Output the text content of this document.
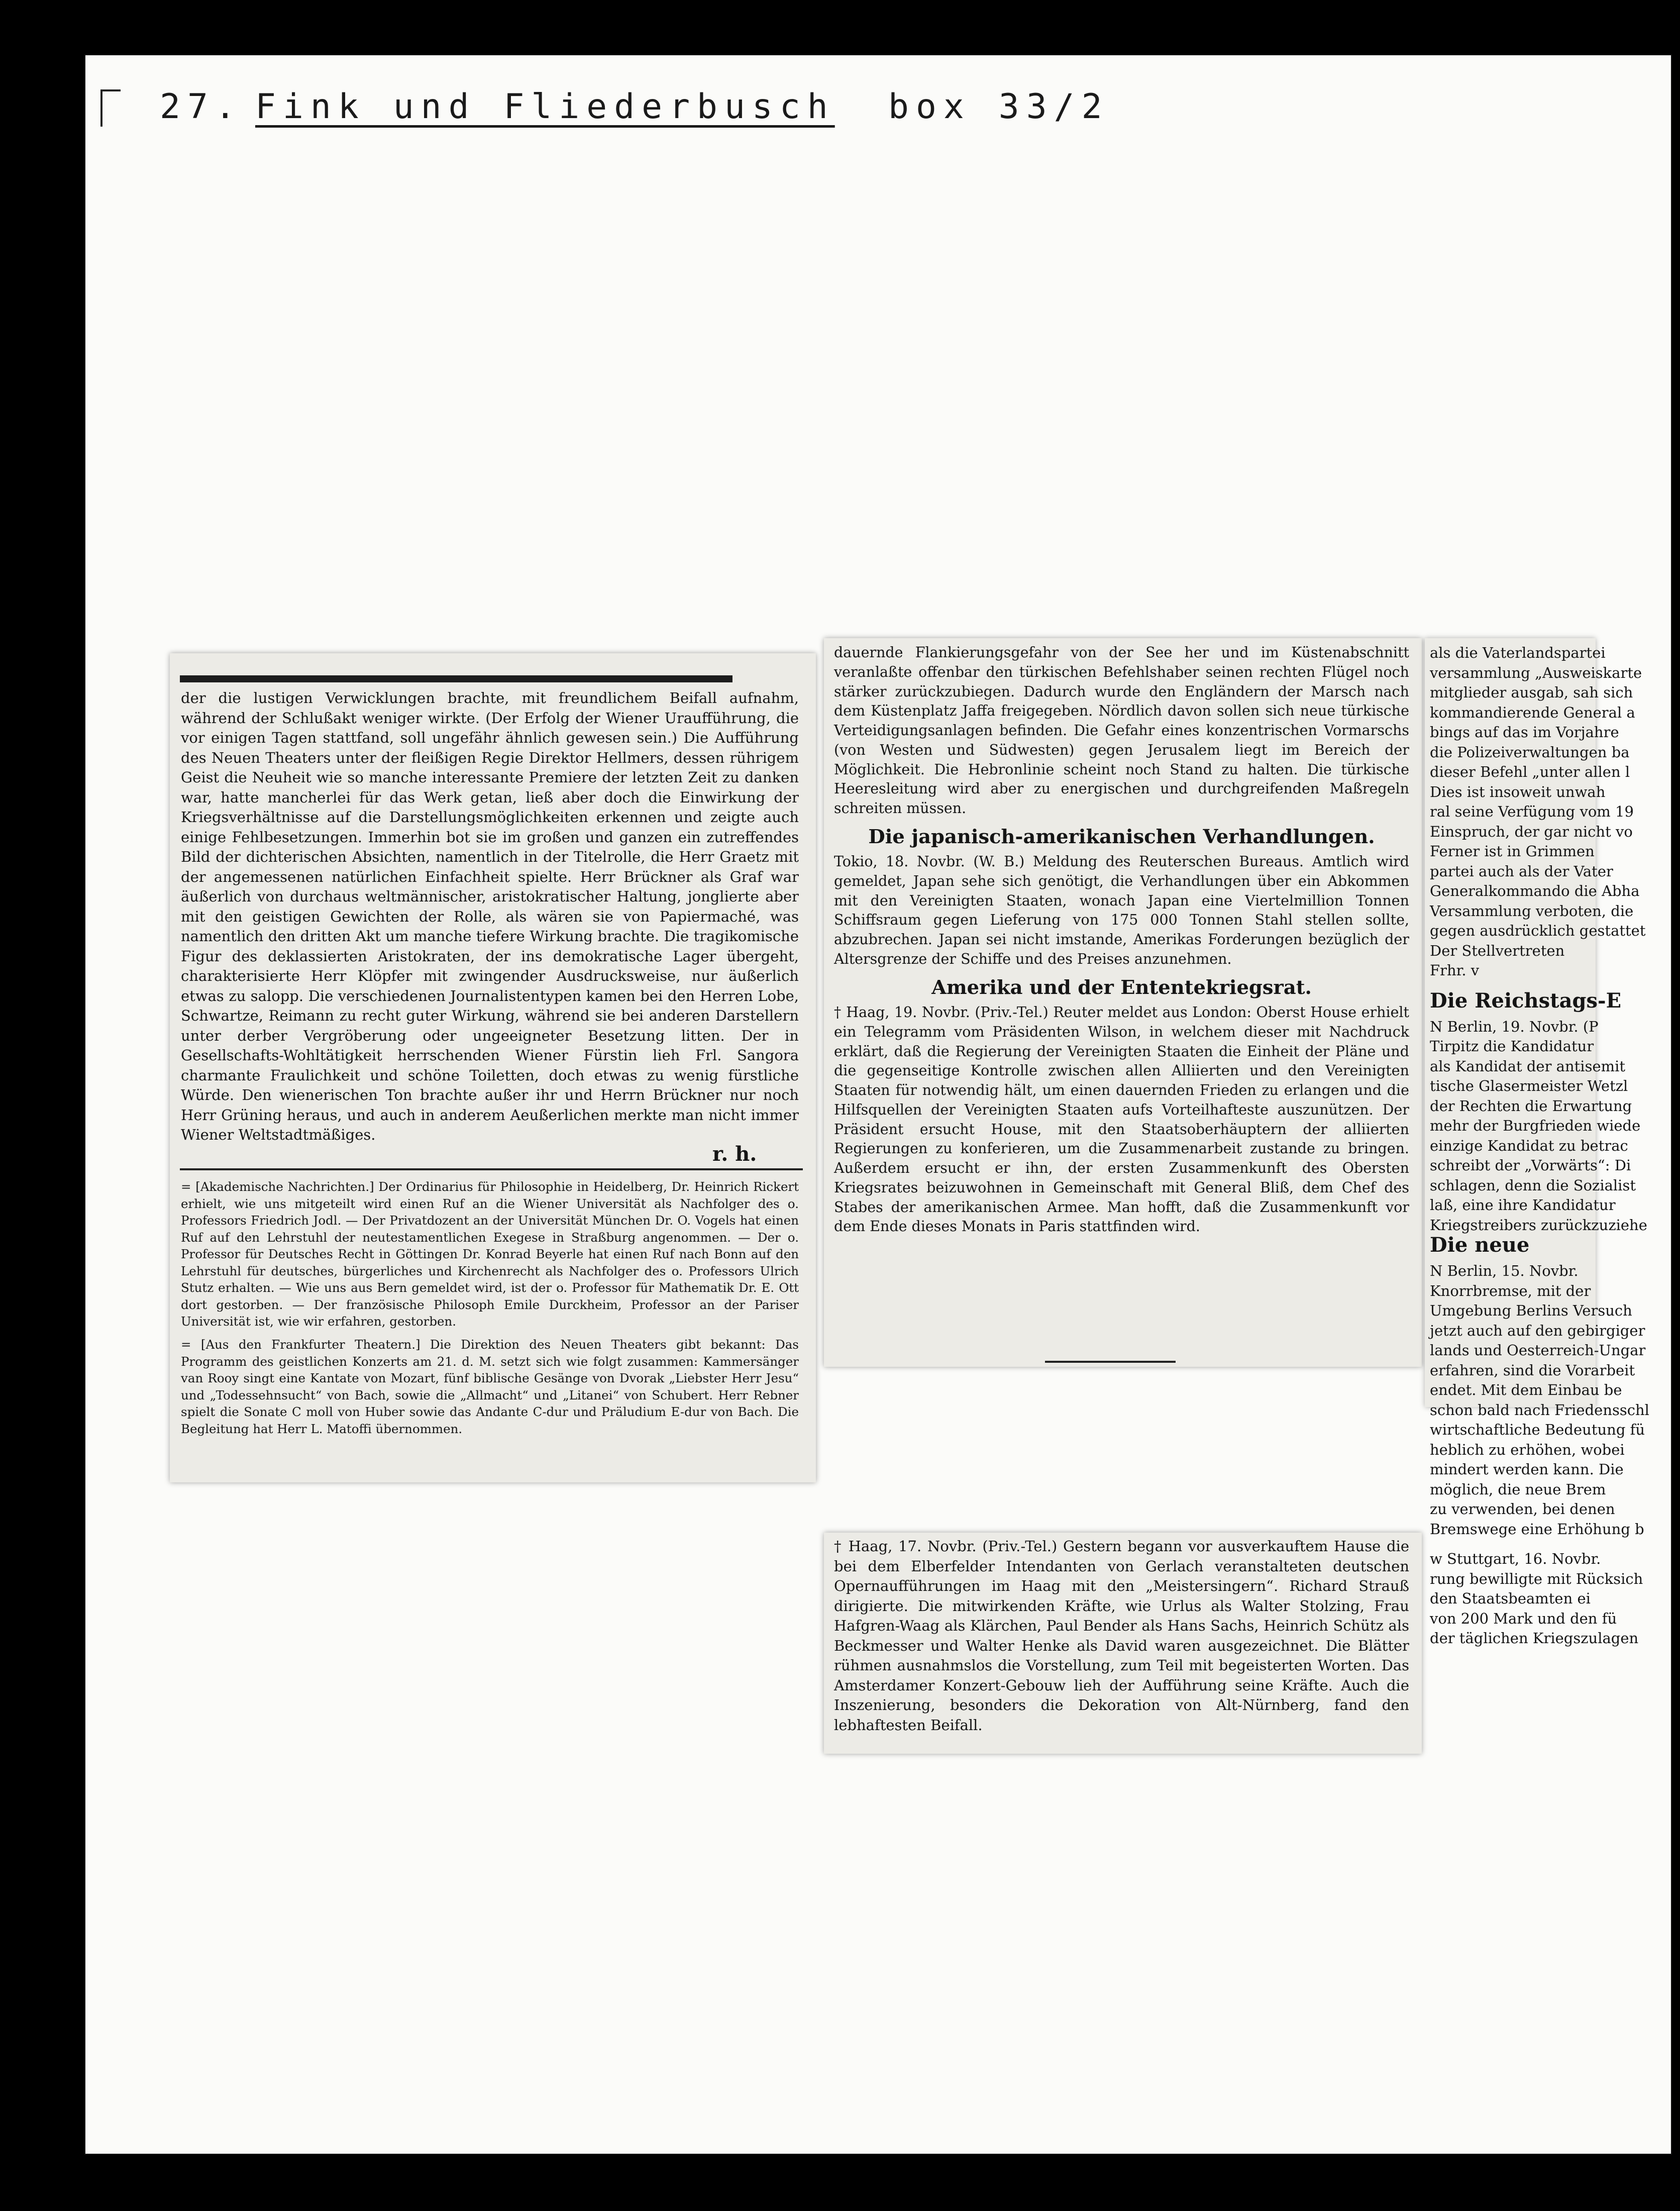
27. Fink und Fliederbusch box 33/2
der die lustigen Verwicklungen brachte, mit freundlichem Beifall aufnahm, während der Schlußakt weniger wirkte. (Der Erfolg der Wiener Uraufführung, die vor einigen Tagen stattfand, soll ungefähr ähnlich gewesen sein.) Die Aufführung des Neuen Theaters unter der fleißigen Regie Direktor Hellmers, dessen rührigem Geist die Neuheit wie so manche interessante Premiere der letzten Zeit zu danken war, hatte mancherlei für das Werk getan, ließ aber doch die Einwirkung der Kriegsverhältnisse auf die Darstellungsmöglichkeiten erkennen und zeigte auch einige Fehlbesetzungen. Immerhin bot sie im großen und ganzen ein zutreffendes Bild der dichterischen Absichten, namentlich in der Titelrolle, die Herr Graetz mit der angemessenen natürlichen Einfachheit spielte. Herr Brückner als Graf war äußerlich von durchaus weltmännischer, aristokratischer Haltung, jonglierte aber mit den geistigen Gewichten der Rolle, als wären sie von Papiermaché, was namentlich den dritten Akt um manche tiefere Wirkung brachte. Die tragikomische Figur des deklassierten Aristokraten, der ins demokratische Lager übergeht, charakterisierte Herr Klöpfer mit zwingender Ausdrucksweise, nur äußerlich etwas zu salopp. Die verschiedenen Journalistentypen kamen bei den Herren Lobe, Schwartze, Reimann zu recht guter Wirkung, während sie bei anderen Darstellern unter derber Vergröberung oder ungeeigneter Besetzung litten. Der in Gesellschafts-Wohltätigkeit herrschenden Wiener Fürstin lieh Frl. Sangora charmante Fraulichkeit und schöne Toiletten, doch etwas zu wenig fürstliche Würde. Den wienerischen Ton brachte außer ihr und Herrn Brückner nur noch Herr Grüning heraus, und auch in anderem Aeußerlichen merkte man nicht immer Wiener Weltstadtmäßiges.
r. h.
= [Akademische Nachrichten.] Der Ordinarius für Philosophie in Heidelberg, Dr. Heinrich Rickert erhielt, wie uns mitgeteilt wird einen Ruf an die Wiener Universität als Nachfolger des o. Professors Friedrich Jodl. — Der Privatdozent an der Universität München Dr. O. Vogels hat einen Ruf auf den Lehrstuhl der neutestamentlichen Exegese in Straßburg angenommen. — Der o. Professor für Deutsches Recht in Göttingen Dr. Konrad Beyerle hat einen Ruf nach Bonn auf den Lehrstuhl für deutsches, bürgerliches und Kirchenrecht als Nachfolger des o. Professors Ulrich Stutz erhalten. — Wie uns aus Bern gemeldet wird, ist der o. Professor für Mathematik Dr. E. Ott dort gestorben. — Der französische Philosoph Emile Durckheim, Professor an der Pariser Universität ist, wie wir erfahren, gestorben.
= [Aus den Frankfurter Theatern.] Die Direktion des Neuen Theaters gibt bekannt: Das Programm des geistlichen Konzerts am 21. d. M. setzt sich wie folgt zusammen: Kammersänger van Rooy singt eine Kantate von Mozart, fünf biblische Gesänge von Dvorak „Liebster Herr Jesu“ und „Todessehnsucht“ von Bach, sowie die „Allmacht“ und „Litanei“ von Schubert. Herr Rebner spielt die Sonate C moll von Huber sowie das Andante C-dur und Präludium E-dur von Bach. Die Begleitung hat Herr L. Matoffi übernommen.
dauernde Flankierungsgefahr von der See her und im Küstenabschnitt veranlaßte offenbar den türkischen Befehlshaber seinen rechten Flügel noch stärker zurückzubiegen. Dadurch wurde den Engländern der Marsch nach dem Küstenplatz Jaffa freigegeben. Nördlich davon sollen sich neue türkische Verteidigungsanlagen befinden. Die Gefahr eines konzentrischen Vormarschs (von Westen und Südwesten) gegen Jerusalem liegt im Bereich der Möglichkeit. Die Hebronlinie scheint noch Stand zu halten. Die türkische Heeresleitung wird aber zu energischen und durchgreifenden Maßregeln schreiten müssen.
Die japanisch-amerikanischen Verhandlungen.
Tokio, 18. Novbr. (W. B.) Meldung des Reuterschen Bureaus. Amtlich wird gemeldet, Japan sehe sich genötigt, die Verhandlungen über ein Abkommen mit den Vereinigten Staaten, wonach Japan eine Viertelmillion Tonnen Schiffsraum gegen Lieferung von 175 000 Tonnen Stahl stellen sollte, abzubrechen. Japan sei nicht imstande, Amerikas Forderungen bezüglich der Altersgrenze der Schiffe und des Preises anzunehmen.
Amerika und der Ententekriegsrat.
† Haag, 19. Novbr. (Priv.-Tel.) Reuter meldet aus London: Oberst House erhielt ein Telegramm vom Präsidenten Wilson, in welchem dieser mit Nachdruck erklärt, daß die Regierung der Vereinigten Staaten die Einheit der Pläne und die gegenseitige Kontrolle zwischen allen Alliierten und den Vereinigten Staaten für notwendig hält, um einen dauernden Frieden zu erlangen und die Hilfsquellen der Vereinigten Staaten aufs Vorteilhafteste auszunützen. Der Präsident ersucht House, mit den Staatsoberhäuptern der alliierten Regierungen zu konferieren, um die Zusammenarbeit zustande zu bringen. Außerdem ersucht er ihn, der ersten Zusammenkunft des Obersten Kriegsrates beizuwohnen in Gemeinschaft mit General Bliß, dem Chef des Stabes der amerikanischen Armee. Man hofft, daß die Zusammenkunft vor dem Ende dieses Monats in Paris stattfinden wird.
† Haag, 17. Novbr. (Priv.-Tel.) Gestern begann vor ausverkauftem Hause die bei dem Elberfelder Intendanten von Gerlach veranstalteten deutschen Opernaufführungen im Haag mit den „Meistersingern“. Richard Strauß dirigierte. Die mitwirkenden Kräfte, wie Urlus als Walter Stolzing, Frau Hafgren-Waag als Klärchen, Paul Bender als Hans Sachs, Heinrich Schütz als Beckmesser und Walter Henke als David waren ausgezeichnet. Die Blätter rühmen ausnahmslos die Vorstellung, zum Teil mit begeisterten Worten. Das Amsterdamer Konzert-Gebouw lieh der Aufführung seine Kräfte. Auch die Inszenierung, besonders die Dekoration von Alt-Nürnberg, fand den lebhaftesten Beifall.
als die Vaterlandspartei
versammlung „Ausweiskarte
mitglieder ausgab, sah sich
kommandierende General a
bings auf das im Vorjahre
die Polizeiverwaltungen ba
dieser Befehl „unter allen l
Dies ist insoweit unwah
ral seine Verfügung vom 19
Einspruch, der gar nicht vo
Ferner ist in Grimmen
partei auch als der Vater
Generalkommando die Abha
Versammlung verboten, die
gegen ausdrücklich gestattet
Der Stellvertreten
Frhr. v
Die Reichstags-E
N Berlin, 19. Novbr. (P
Tirpitz die Kandidatur
als Kandidat der antisemit
tische Glasermeister Wetzl
der Rechten die Erwartung
mehr der Burgfrieden wiede
einzige Kandidat zu betrac
schreibt der „Vorwärts“: Di
schlagen, denn die Sozialist
laß, eine ihre Kandidatur
Kriegstreibers zurückzuziehe
Die neue
N Berlin, 15. Novbr.
Knorrbremse, mit der
Umgebung Berlins Versuch
jetzt auch auf den gebirgiger
lands und Oesterreich-Ungar
erfahren, sind die Vorarbeit
endet. Mit dem Einbau be
schon bald nach Friedensschl
wirtschaftliche Bedeutung fü
heblich zu erhöhen, wobei
mindert werden kann. Die
möglich, die neue Brem
zu verwenden, bei denen
Bremswege eine Erhöhung b
w Stuttgart, 16. Novbr.
rung bewilligte mit Rücksich
den Staatsbeamten ei
von 200 Mark und den fü
der täglichen Kriegszulagen
